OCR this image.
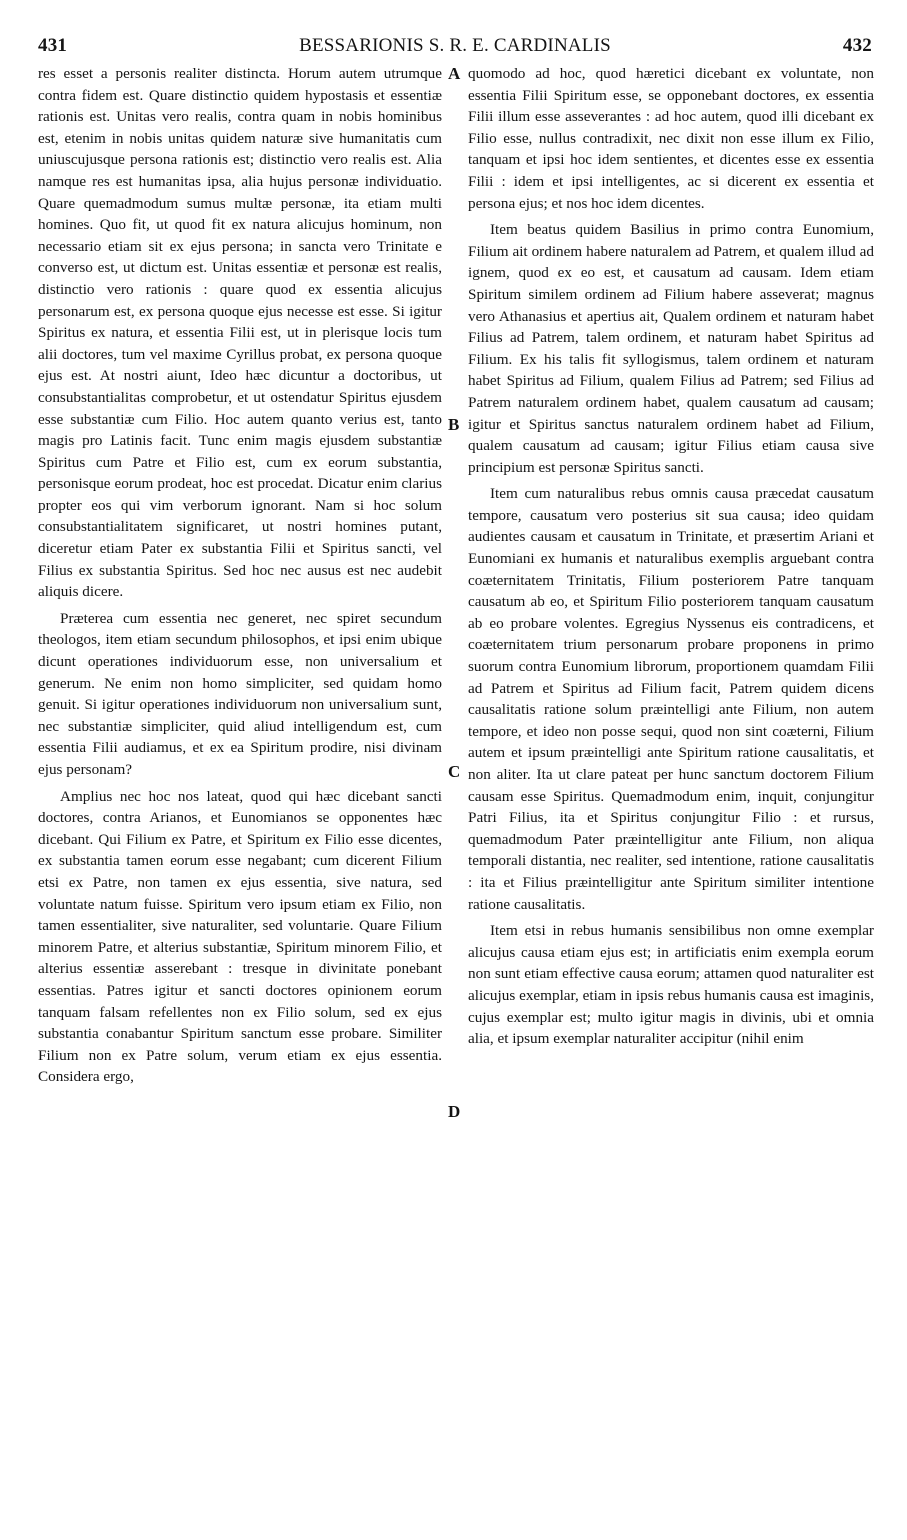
431	BESSARIONIS S. R. E. CARDINALIS	432

res esset a personis realiter distincta. Horum autem utrumque contra fidem est. Quare distinctio quidem hypostasis et essentiæ rationis est. Unitas vero realis, contra quam in nobis hominibus est, etenim in nobis unitas quidem naturæ sive humanitatis cum uniuscujusque persona rationis est; distinctio vero realis est. Alia namque res est humanitas ipsa, alia hujus personæ individuatio. Quare quemadmodum sumus multæ personæ, ita etiam multi homines. Quo fit, ut quod fit ex natura alicujus hominum, non necessario etiam sit ex ejus persona; in sancta vero Trinitate e converso est, ut dictum est. Unitas essentiæ et personæ est realis, distinctio vero rationis : quare quod ex essentia alicujus personarum est, ex persona quoque ejus necesse est esse. Si igitur Spiritus ex natura, et essentia Filii est, ut in plerisque locis tum alii doctores, tum vel maxime Cyrillus probat, ex persona quoque ejus est. At nostri aiunt, Ideo hæc dicuntur a doctoribus, ut consubstantialitas comprobetur, et ut ostendatur Spiritus ejusdem esse substantiæ cum Filio. Hoc autem quanto verius est, tanto magis pro Latinis facit. Tunc enim magis ejusdem substantiæ Spiritus cum Patre et Filio est, cum ex eorum substantia, personisque eorum prodeat, hoc est procedat. Dicatur enim clarius propter eos qui vim verborum ignorant. Nam si hoc solum consubstantialitatem significaret, ut nostri homines putant, diceretur etiam Pater ex substantia Filii et Spiritus sancti, vel Filius ex substantia Spiritus. Sed hoc nec ausus est nec audebit aliquis dicere.

Præterea cum essentia nec generet, nec spiret secundum theologos, item etiam secundum philosophos, et ipsi enim ubique dicunt operationes individuorum esse, non universalium et generum. Ne enim non homo simpliciter, sed quidam homo genuit. Si igitur operationes individuorum non universalium sunt, nec substantiæ simpliciter, quid aliud intelligendum est, cum essentia Filii audiamus, et ex ea Spiritum prodire, nisi divinam ejus personam?

Amplius nec hoc nos lateat, quod qui hæc dicebant sancti doctores, contra Arianos, et Eunomianos se opponentes hæc dicebant. Qui Filium ex Patre, et Spiritum ex Filio esse dicentes, ex substantia tamen eorum esse negabant; cum dicerent Filium etsi ex Patre, non tamen ex ejus essentia, sive natura, sed voluntate natum fuisse. Spiritum vero ipsum etiam ex Filio, non tamen essentialiter, sive naturaliter, sed voluntarie. Quare Filium minorem Patre, et alterius substantiæ, Spiritum minorem Filio, et alterius essentiæ asserebant : tresque in divinitate ponebant essentias. Patres igitur et sancti doctores opinionem eorum tanquam falsam refellentes non ex Filio solum, sed ex ejus substantia conabantur Spiritum sanctum esse probare. Similiter Filium non ex Patre solum, verum etiam ex ejus essentia. Considera ergo,

A
B
C
D

quomodo ad hoc, quod hæretici dicebant ex voluntate, non essentia Filii Spiritum esse, se opponebant doctores, ex essentia Filii illum esse asseverantes : ad hoc autem, quod illi dicebant ex Filio esse, nullus contradixit, nec dixit non esse illum ex Filio, tanquam et ipsi hoc idem sentientes, et dicentes esse ex essentia Filii : idem et ipsi intelligentes, ac si dicerent ex essentia et persona ejus; et nos hoc idem dicentes.

Item beatus quidem Basilius in primo contra Eunomium, Filium ait ordinem habere naturalem ad Patrem, et qualem illud ad ignem, quod ex eo est, et causatum ad causam. Idem etiam Spiritum similem ordinem ad Filium habere asseverat; magnus vero Athanasius et apertius ait, Qualem ordinem et naturam habet Filius ad Patrem, talem ordinem, et naturam habet Spiritus ad Filium. Ex his talis fit syllogismus, talem ordinem et naturam habet Spiritus ad Filium, qualem Filius ad Patrem; sed Filius ad Patrem naturalem ordinem habet, qualem causatum ad causam; igitur et Spiritus sanctus naturalem ordinem habet ad Filium, qualem causatum ad causam; igitur Filius etiam causa sive principium est personæ Spiritus sancti.

Item cum naturalibus rebus omnis causa præcedat causatum tempore, causatum vero posterius sit sua causa; ideo quidam audientes causam et causatum in Trinitate, et præsertim Ariani et Eunomiani ex humanis et naturalibus exemplis arguebant contra coæternitatem Trinitatis, Filium posteriorem Patre tanquam causatum ab eo, et Spiritum Filio posteriorem tanquam causatum ab eo probare volentes. Egregius Nyssenus eis contradicens, et coæternitatem trium personarum probare proponens in primo suorum contra Eunomium librorum, proportionem quamdam Filii ad Patrem et Spiritus ad Filium facit, Patrem quidem dicens causalitatis ratione solum præintelligi ante Filium, non autem tempore, et ideo non posse sequi, quod non sint coæterni, Filium autem et ipsum præintelligi ante Spiritum ratione causalitatis, et non aliter. Ita ut clare pateat per hunc sanctum doctorem Filium causam esse Spiritus. Quemadmodum enim, inquit, conjungitur Patri Filius, ita et Spiritus conjungitur Filio : et rursus, quemadmodum Pater præintelligitur ante Filium, non aliqua temporali distantia, nec realiter, sed intentione, ratione causalitatis : ita et Filius præintelligitur ante Spiritum similiter intentione ratione causalitatis.

Item etsi in rebus humanis sensibilibus non omne exemplar alicujus causa etiam ejus est; in artificiatis enim exempla eorum non sunt etiam effective causa eorum; attamen quod naturaliter est alicujus exemplar, etiam in ipsis rebus humanis causa est imaginis, cujus exemplar est; multo igitur magis in divinis, ubi et omnia alia, et ipsum exemplar naturaliter accipitur (nihil enim
